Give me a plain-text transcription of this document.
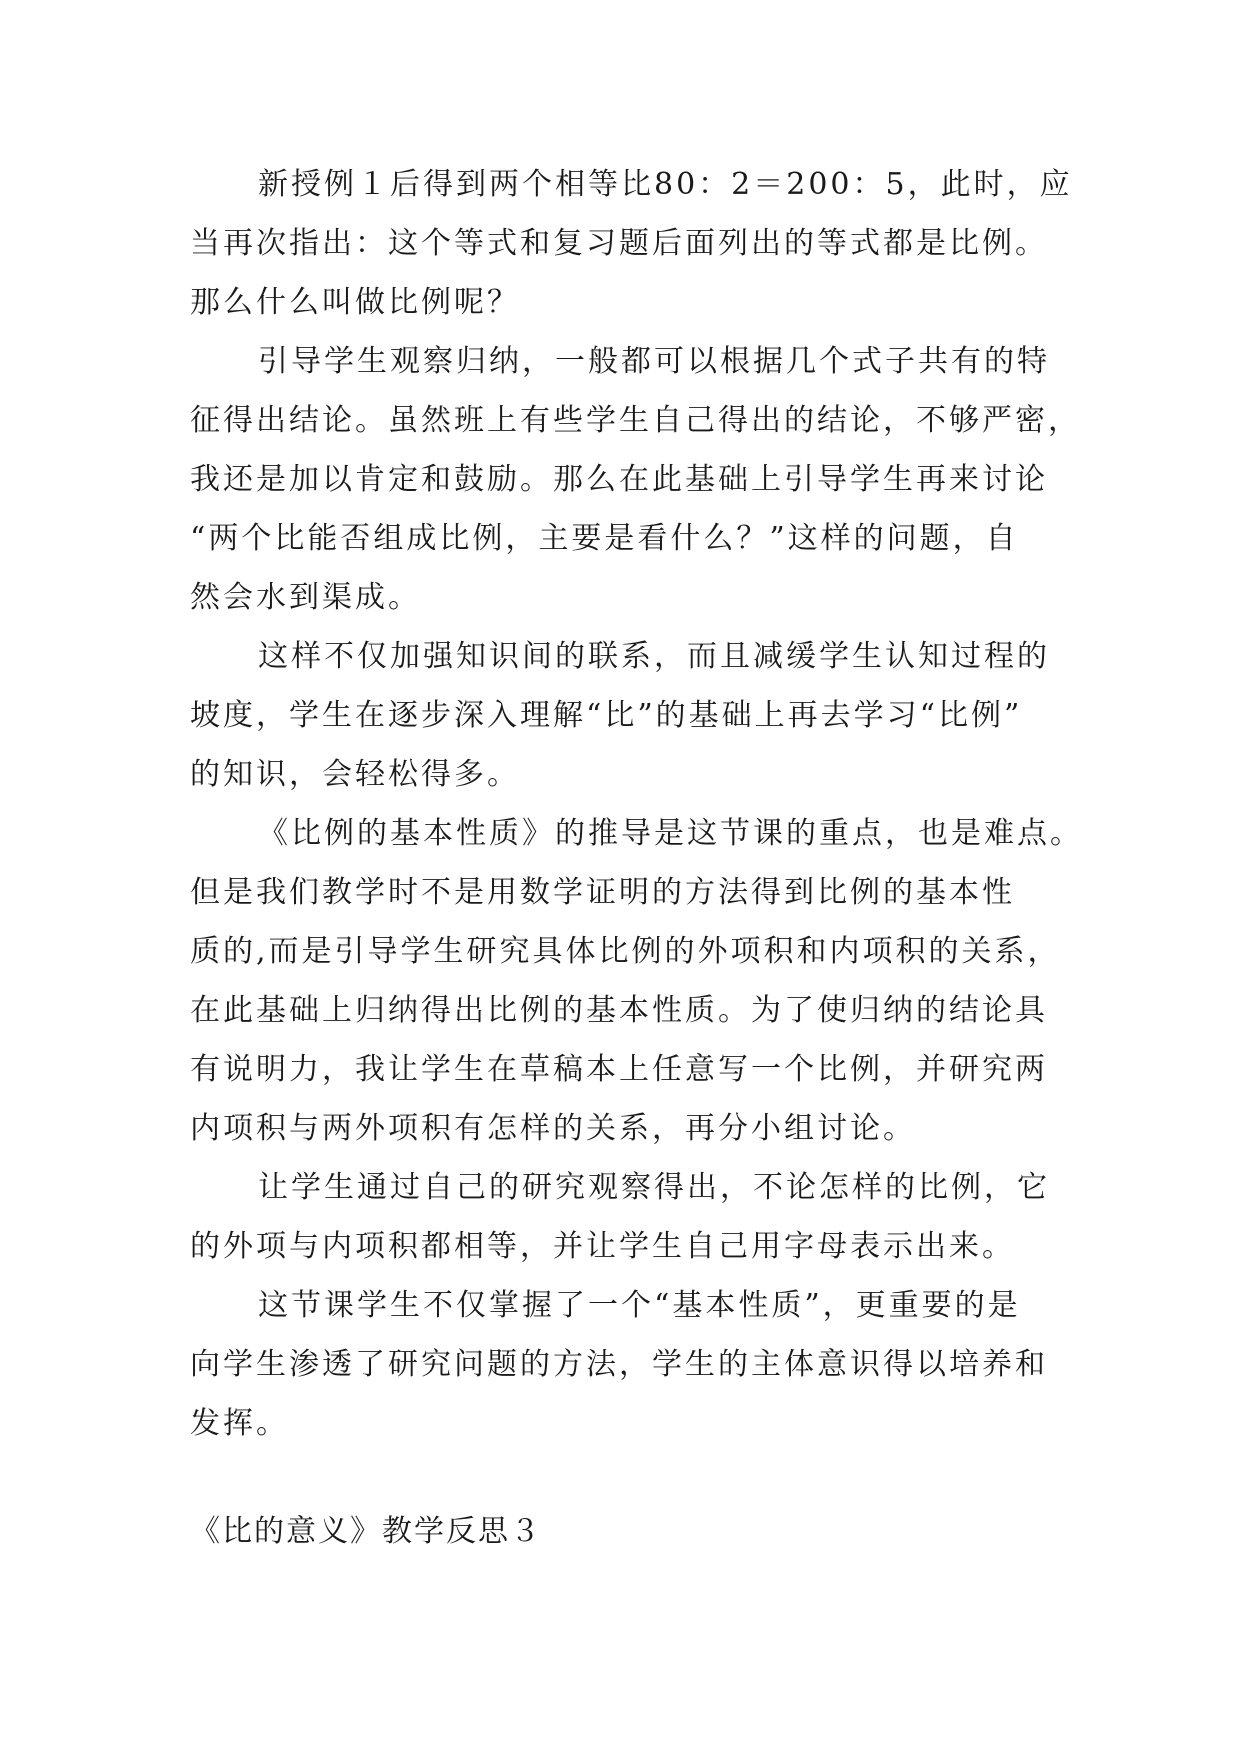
新授例１后得到两个相等比80：2＝200：5，此时，应
当再次指出：这个等式和复习题后面列出的等式都是比例。
那么什么叫做比例呢？
引导学生观察归纳，一般都可以根据几个式子共有的特
征得出结论。虽然班上有些学生自己得出的结论，不够严密，
我还是加以肯定和鼓励。那么在此基础上引导学生再来讨论
“两个比能否组成比例，主要是看什么？”这样的问题，自
然会水到渠成。
这样不仅加强知识间的联系，而且减缓学生认知过程的
坡度，学生在逐步深入理解“比”的基础上再去学习“比例”
的知识，会轻松得多。
《比例的基本性质》的推导是这节课的重点，也是难点。
但是我们教学时不是用数学证明的方法得到比例的基本性
质的,而是引导学生研究具体比例的外项积和内项积的关系，
在此基础上归纳得出比例的基本性质。为了使归纳的结论具
有说明力，我让学生在草稿本上任意写一个比例，并研究两
内项积与两外项积有怎样的关系，再分小组讨论。
让学生通过自己的研究观察得出，不论怎样的比例，它
的外项与内项积都相等，并让学生自己用字母表示出来。
这节课学生不仅掌握了一个“基本性质”，更重要的是
向学生渗透了研究问题的方法，学生的主体意识得以培养和
发挥。
《比的意义》教学反思３
